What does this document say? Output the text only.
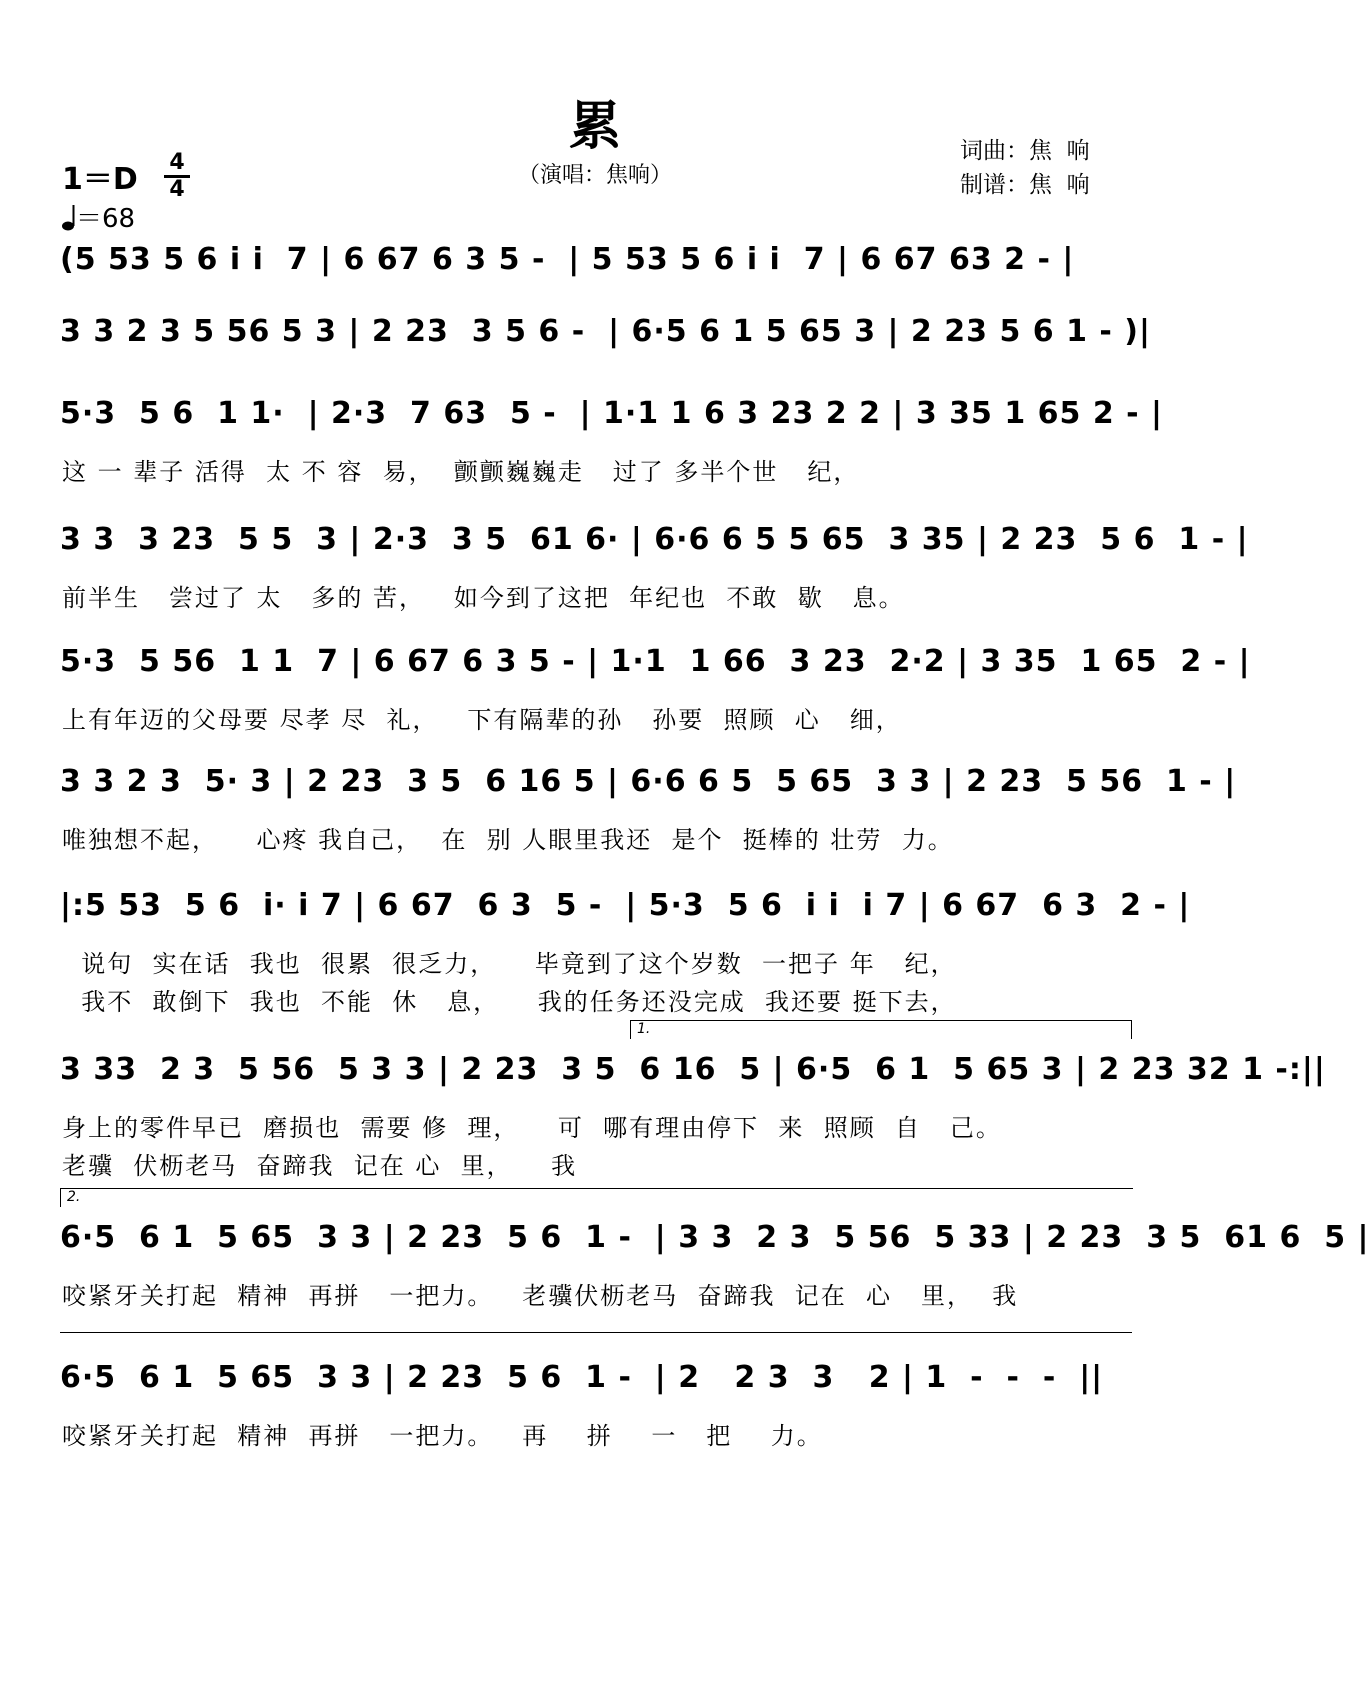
累
（演唱：焦响）
词曲：焦  响
制谱：焦  响
1＝D 4
4
＝68
(5 53 5 6 i i  7 | 6 67 6 3 5 -  | 5 53 5 6 i i  7 | 6 67 63 2 - |
3 3 2 3 5 56 5 3 | 2 23  3 5 6 -  | 6·5 6 1 5 65 3 | 2 23 5 6 1 - )|
5·3  5 6  1 1·  | 2·3  7 63  5 -  | 1·1 1 6 3 23 2 2 | 3 35 1 65 2 - |
这 一 辈子 活得  太 不 容  易，  颤颤巍巍走   过了 多半个世   纪，
3 3  3 23  5 5  3 | 2·3  3 5  61 6· | 6·6 6 5 5 65  3 35 | 2 23  5 6  1 - |
前半生   尝过了 太   多的 苦，   如今到了这把  年纪也  不敢  歇   息。
5·3  5 56  1 1  7 | 6 67 6 3 5 - | 1·1  1 66  3 23  2·2 | 3 35  1 65  2 - |
上有年迈的父母要 尽孝 尽  礼，   下有隔辈的孙   孙要  照顾  心   细，
3 3 2 3  5· 3 | 2 23  3 5  6 16 5 | 6·6 6 5  5 65  3 3 | 2 23  5 56  1 - |
唯独想不起，    心疼 我自己，  在  别 人眼里我还  是个  挺棒的 壮劳  力。
|:5 53  5 6  i· i 7 | 6 67  6 3  5 -  | 5·3  5 6  i i  i 7 | 6 67  6 3  2 - |
说句  实在话  我也  很累  很乏力，    毕竟到了这个岁数  一把子 年   纪，
我不  敢倒下  我也  不能  休   息，    我的任务还没完成  我还要 挺下去，
1.
3 33  2 3  5 56  5 3 3 | 2 23  3 5  6 16  5 | 6·5  6 1  5 65 3 | 2 23 32 1 -:||
身上的零件早已  磨损也  需要 修  理，    可  哪有理由停下  来  照顾  自   己。
老骥  伏枥老马  奋蹄我  记在 心  里，    我
2.
6·5  6 1  5 65  3 3 | 2 23  5 6  1 -  | 3 3  2 3  5 56  5 33 | 2 23  3 5  61 6  5 |
咬紧牙关打起  精神  再拼   一把力。   老骥伏枥老马  奋蹄我  记在  心   里，  我
6·5  6 1  5 65  3 3 | 2 23  5 6  1 -  | 2   2 3  3   2 | 1  -  -  -  ||
咬紧牙关打起  精神  再拼   一把力。   再    拼    一   把    力。
